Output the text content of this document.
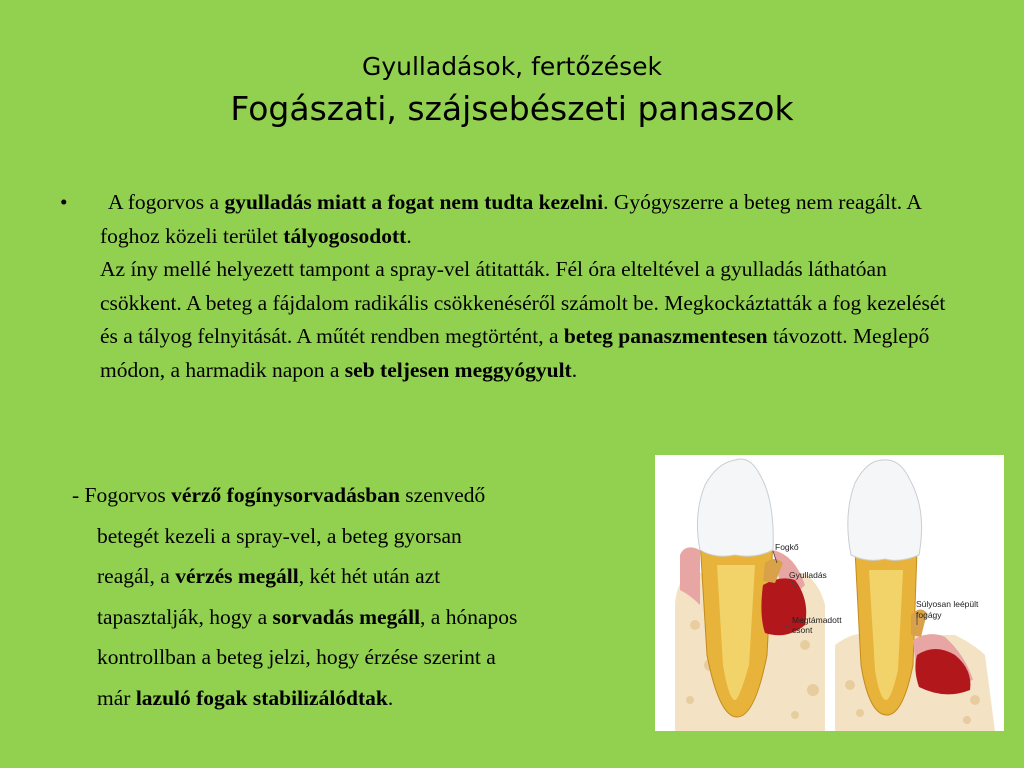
Gyulladások, fertőzések
Fogászati, szájsebészeti panaszok
•	A fogorvos a gyulladás miatt a fogat nem tudta kezelni. Gyógyszerre a beteg nem reagált. A foghoz közeli terület tályogosodott.

Az íny mellé helyezett tampont a spray-vel átitatták. Fél óra elteltével a gyulladás láthatóan csökkent. A beteg a fájdalom radikális csökkenéséről számolt be. Megkockáztatták a fog kezelését és a tályog felnyitását. A műtét rendben megtörtént, a beteg panaszmentesen távozott. Meglepő módon, a harmadik napon a seb teljesen meggyógyult.

- Fogorvos vérző fogínysorvadásban szenvedő

betegét kezeli a spray-vel, a beteg gyorsan

reagál, a vérzés megáll, két hét után azt

tapasztalják, hogy a sorvadás megáll, a hónapos

kontrollban a beteg jelzi, hogy érzése szerint a

már lazuló fogak stabilizálódtak.

Fogkő
Gyulladás
Megtámadott
csont
Súlyosan leépült
fogágy
